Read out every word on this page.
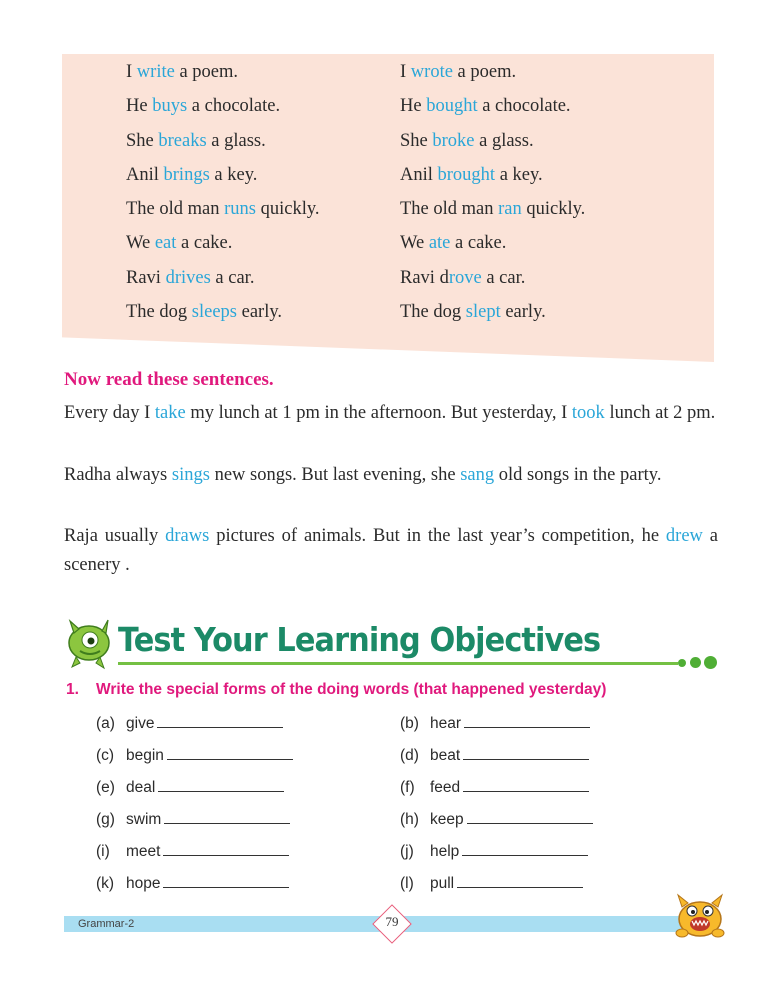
I write a poem.	I wrote a poem.
He buys a chocolate.	He bought a chocolate.
She breaks a glass.	She broke a glass.
Anil brings a key.	Anil brought a key.
The old man runs quickly.	The old man ran quickly.
We eat a cake.	We ate a cake.
Ravi drives a car.	Ravi drove a car.
The dog sleeps early.	The dog slept early.
Now read these sentences.

Every day I take my lunch at 1 pm in the afternoon. But yesterday, I took lunch at 2 pm.

Radha always sings new songs. But last evening, she sang old songs in the party.

Raja usually draws pictures of animals. But in the last year’s competition, he drew a scenery .

Test Your Learning Objectives
1. Write the special forms of the doing words (that happened yesterday)
(a) give	(b) hear
(c) begin	(d) beat
(e) deal	(f) feed
(g) swim	(h) keep
(i) meet	(j) help
(k) hope	(l) pull
Grammar-2	79
